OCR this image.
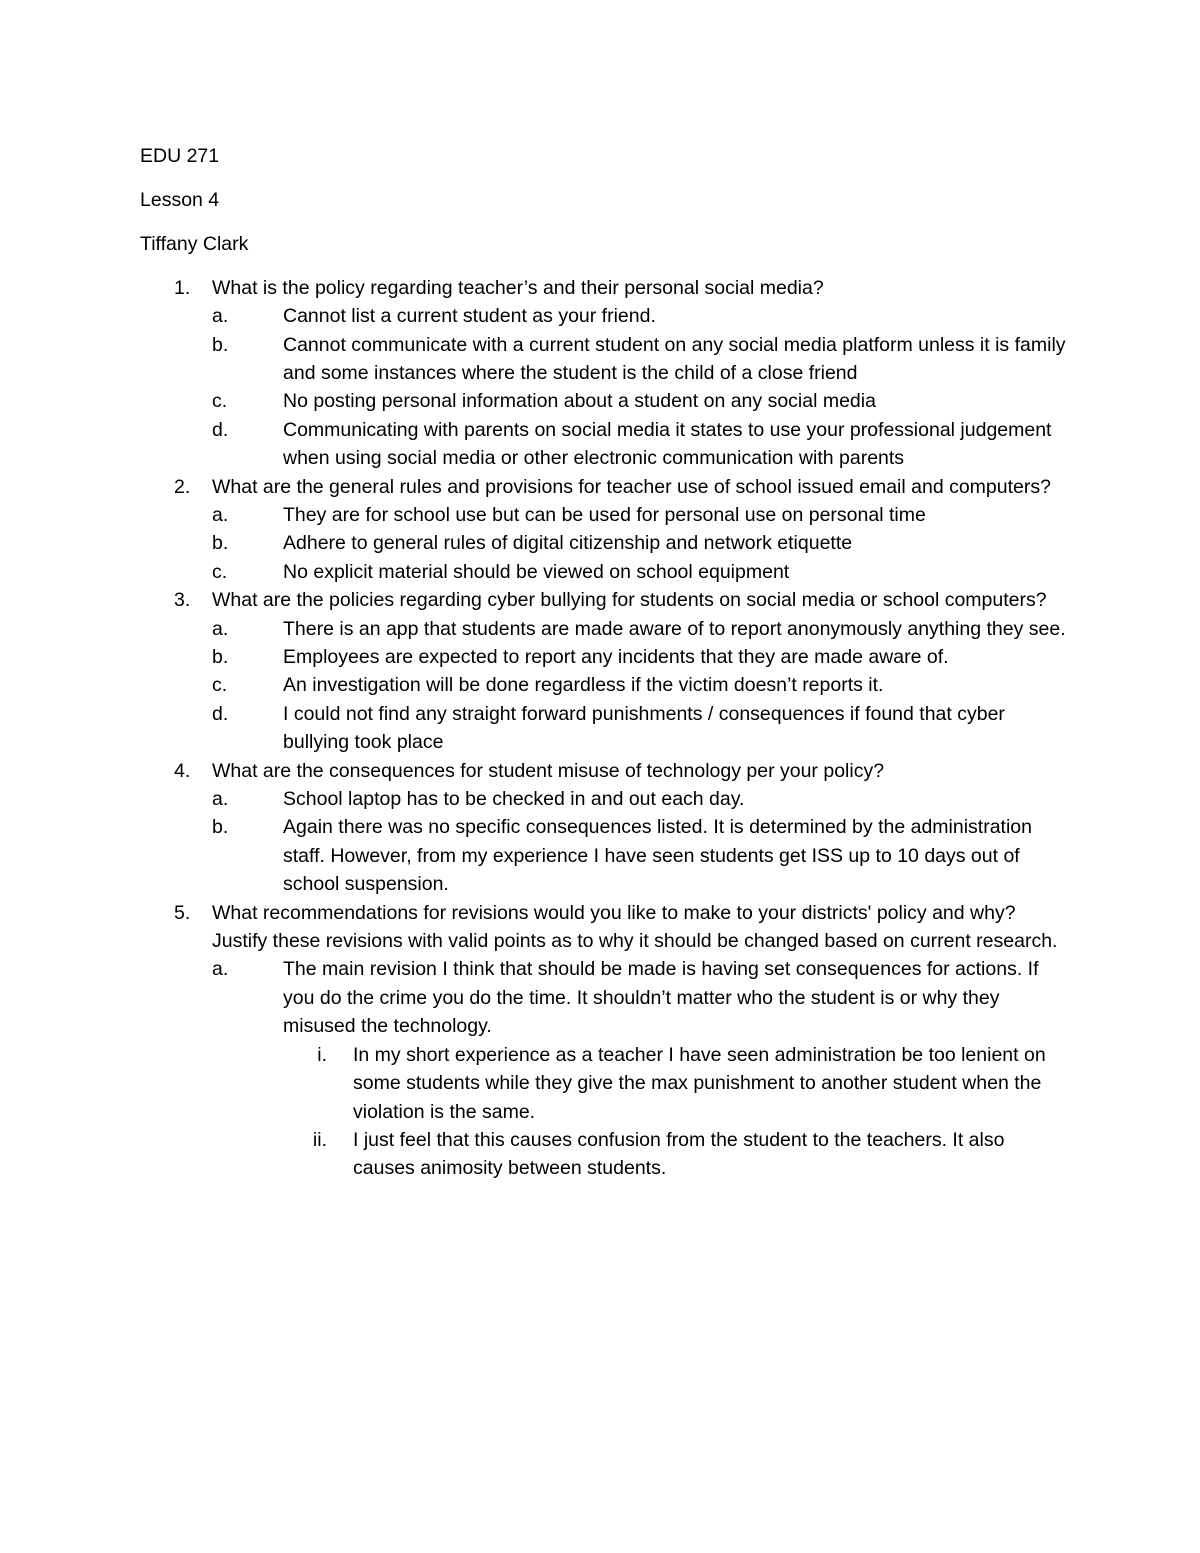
EDU 271

Lesson 4

Tiffany Clark

1. What is the policy regarding teacher’s and their personal social media?
a.	Cannot list a current student as your friend.
b.	Cannot communicate with a current student on any social media platform unless it is family and some instances where the student is the child of a close friend
c.	No posting personal information about a student on any social media
d.	Communicating with parents on social media it states to use your professional judgement when using social media or other electronic communication with parents
2. What are the general rules and provisions for teacher use of school issued email and computers?
a.	They are for school use but can be used for personal use on personal time
b.	Adhere to general rules of digital citizenship and network etiquette
c.	No explicit material should be viewed on school equipment
3. What are the policies regarding cyber bullying for students on social media or school computers?
a.	There is an app that students are made aware of to report anonymously anything they see.
b.	Employees are expected to report any incidents that they are made aware of.
c.	An investigation will be done regardless if the victim doesn’t reports it.
d.	I could not find any straight forward punishments / consequences if found that cyber bullying took place
4. What are the consequences for student misuse of technology per your policy?
a.	School laptop has to be checked in and out each day.
b.	Again there was no specific consequences listed. It is determined by the administration staff. However, from my experience I have seen students get ISS up to 10 days out of school suspension.
5. What recommendations for revisions would you like to make to your districts' policy and why? Justify these revisions with valid points as to why it should be changed based on current research.
a.	The main revision I think that should be made is having set consequences for actions. If you do the crime you do the time. It shouldn’t matter who the student is or why they misused the technology.
i. In my short experience as a teacher I have seen administration be too lenient on some students while they give the max punishment to another student when the violation is the same.
ii. I just feel that this causes confusion from the student to the teachers. It also causes animosity between students.
